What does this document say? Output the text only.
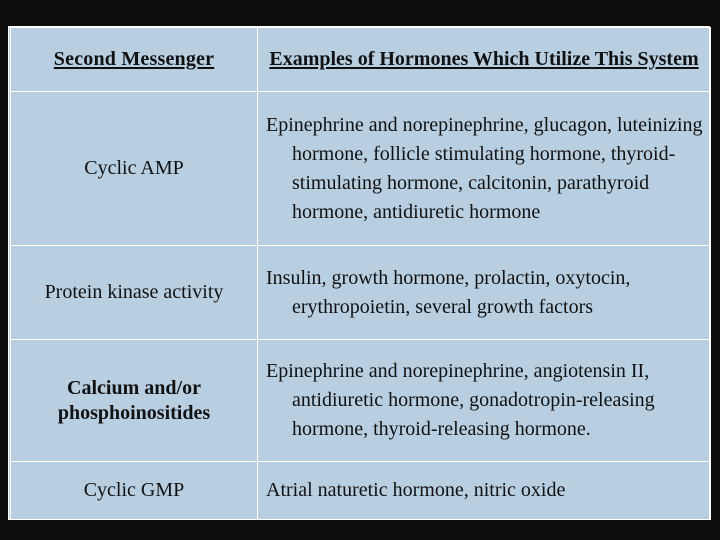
Second Messenger	Examples of Hormones Which Utilize This System
Cyclic AMP	Epinephrine and norepinephrine, glucagon, luteinizing hormone, follicle stimulating hormone, thyroid-stimulating hormone, calcitonin, parathyroid hormone, antidiuretic hormone
Protein kinase activity	Insulin, growth hormone, prolactin, oxytocin, erythropoietin, several growth factors
Calcium and/or phosphoinositides	Epinephrine and norepinephrine, angiotensin II, antidiuretic hormone, gonadotropin-releasing hormone, thyroid-releasing hormone.
Cyclic GMP	Atrial naturetic hormone, nitric oxide
